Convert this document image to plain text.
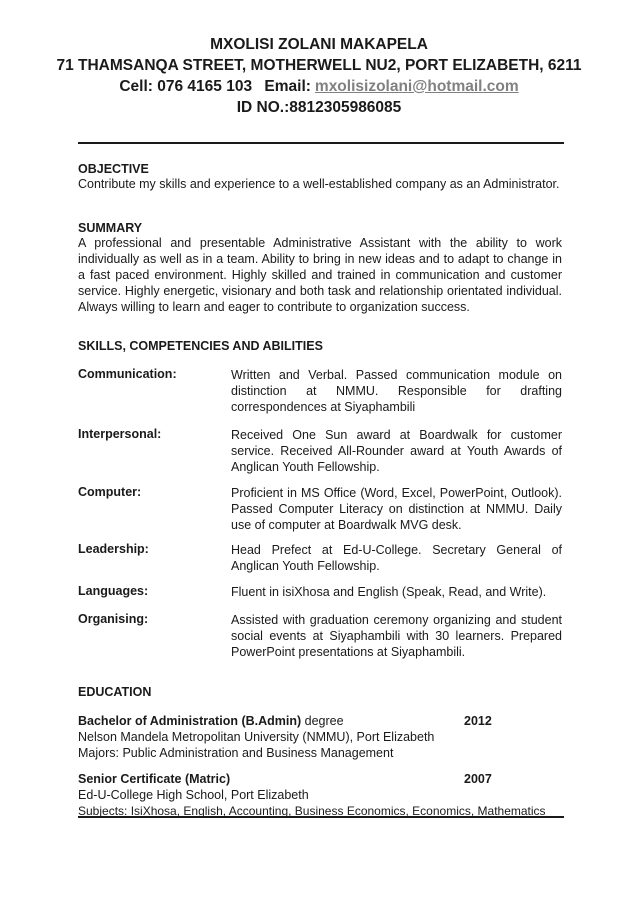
MXOLISI ZOLANI MAKAPELA
71 THAMSANQA STREET, MOTHERWELL NU2, PORT ELIZABETH, 6211
Cell: 076 4165 103 Email: mxolisizolani@hotmail.com
ID NO.:8812305986085
OBJECTIVE
Contribute my skills and experience to a well-established company as an Administrator.
SUMMARY
A professional and presentable Administrative Assistant with the ability to work individually as well as in a team. Ability to bring in new ideas and to adapt to change in a fast paced environment. Highly skilled and trained in communication and customer service. Highly energetic, visionary and both task and relationship orientated individual. Always willing to learn and eager to contribute to organization success.
SKILLS, COMPETENCIES AND ABILITIES
Communication:	Written and Verbal. Passed communication module on distinction at NMMU. Responsible for drafting correspondences at Siyaphambili
Interpersonal:	Received One Sun award at Boardwalk for customer service. Received All-Rounder award at Youth Awards of Anglican Youth Fellowship.
Computer:	Proficient in MS Office (Word, Excel, PowerPoint, Outlook). Passed Computer Literacy on distinction at NMMU. Daily use of computer at Boardwalk MVG desk.
Leadership:	Head Prefect at Ed-U-College. Secretary General of Anglican Youth Fellowship.
Languages:	Fluent in isiXhosa and English (Speak, Read, and Write).
Organising:	Assisted with graduation ceremony organizing and student social events at Siyaphambili with 30 learners. Prepared PowerPoint presentations at Siyaphambili.
EDUCATION
Bachelor of Administration (B.Admin) degree	2012
Nelson Mandela Metropolitan University (NMMU), Port Elizabeth
Majors: Public Administration and Business Management
Senior Certificate (Matric)	2007
Ed-U-College High School, Port Elizabeth
Subjects: IsiXhosa, English, Accounting, Business Economics, Economics, Mathematics
